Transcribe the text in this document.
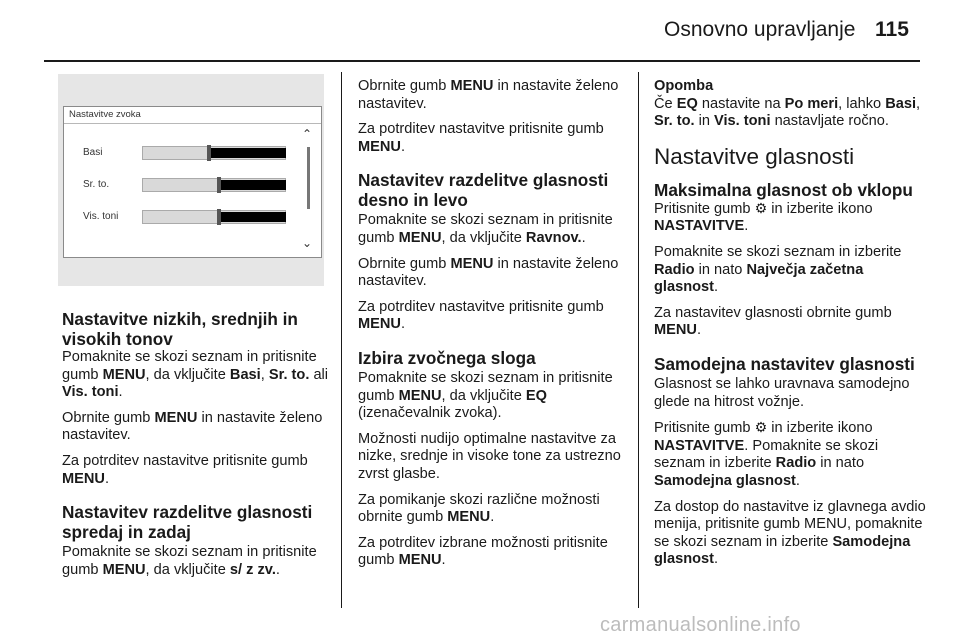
Osnovno upravljanje 115
Nastavitve zvoka
⌃
⌄
Basi
Sr. to.
Vis. toni
Nastavitve nizkih, srednjih in visokih tonov

Pomaknite se skozi seznam in pritisnite gumb MENU, da vključite Basi, Sr. to. ali Vis. toni.

Obrnite gumb MENU in nastavite želeno nastavitev.

Za potrditev nastavitve pritisnite gumb MENU.

Nastavitev razdelitve glasnosti spredaj in zadaj

Pomaknite se skozi seznam in pritisnite gumb MENU, da vključite s/ z zv..

Obrnite gumb MENU in nastavite želeno nastavitev.

Za potrditev nastavitve pritisnite gumb MENU.

Nastavitev razdelitve glasnosti desno in levo

Pomaknite se skozi seznam in pritisnite gumb MENU, da vključite Ravnov..

Obrnite gumb MENU in nastavite želeno nastavitev.

Za potrditev nastavitve pritisnite gumb MENU.

Izbira zvočnega sloga

Pomaknite se skozi seznam in pritisnite gumb MENU, da vključite EQ (izenačevalnik zvoka).

Možnosti nudijo optimalne nastavitve za nizke, srednje in visoke tone za ustrezno zvrst glasbe.

Za pomikanje skozi različne možnosti obrnite gumb MENU.

Za potrditev izbrane možnosti pritisnite gumb MENU.

Opomba
Če EQ nastavite na Po meri, lahko Basi, Sr. to. in Vis. toni nastavljate ročno.

Nastavitve glasnosti
Maksimalna glasnost ob vklopu

Pritisnite gumb ⚙ in izberite ikono NASTAVITVE.

Pomaknite se skozi seznam in izberite Radio in nato Največja začetna glasnost.

Za nastavitev glasnosti obrnite gumb MENU.

Samodejna nastavitev glasnosti

Glasnost se lahko uravnava samodejno glede na hitrost vožnje.

Pritisnite gumb ⚙ in izberite ikono NASTAVITVE. Pomaknite se skozi seznam in izberite Radio in nato Samodejna glasnost.

Za dostop do nastavitve iz glavnega avdio menija, pritisnite gumb MENU, pomaknite se skozi seznam in izberite Samodejna glasnost.

carmanualsonline.info
